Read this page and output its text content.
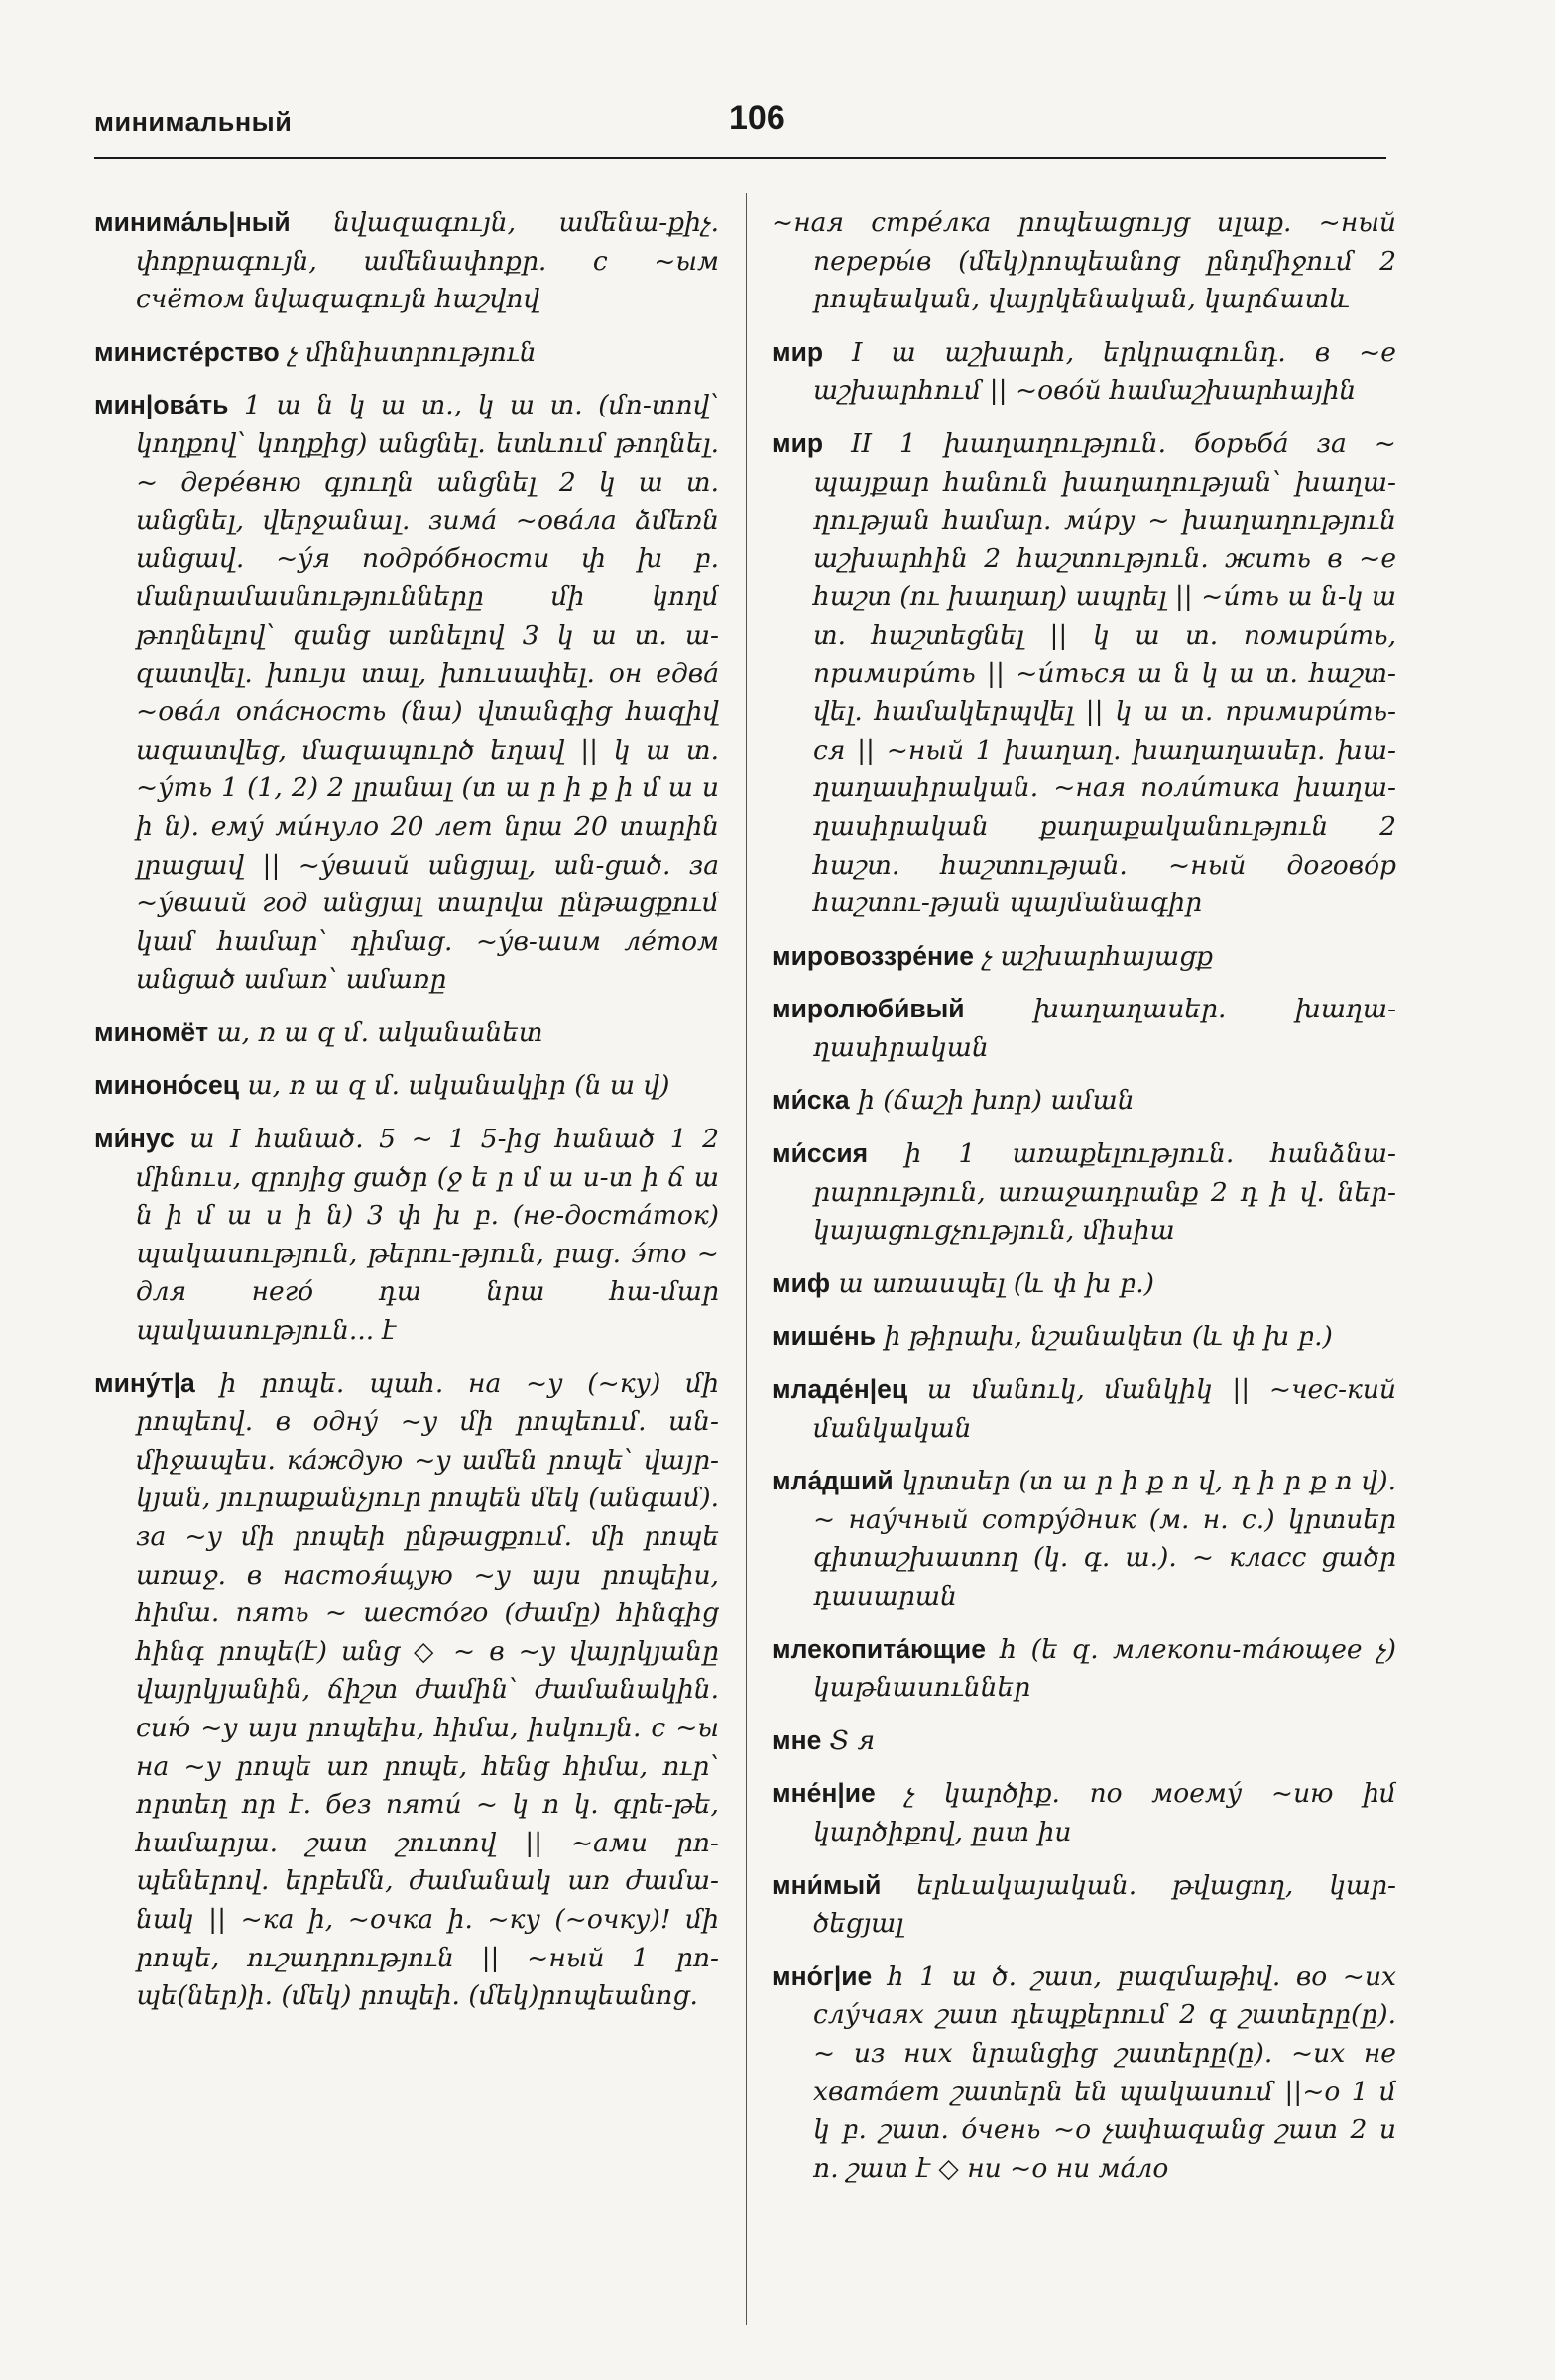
минимальный	106

минима́ль|ный նվազագույն, ամենա-քիչ. փոքրագույն, ամենափոքր. с ~ым счётом նվազագույն հաշվով

министе́рство չ մինիստրություն

мин|ова́ть 1 ա ն կ ա տ., կ ա տ. (մո-տով՝ կողքով՝ կողքից) անցնել. ետևում թողնել. ~ дере́вню գյուղն անցնել 2 կ ա տ. անցնել, վերջանալ. зима́ ~ова́ла ձմեռն անցավ. ~у́я подро́бности փ խ բ. մանրամասնությունները մի կողմ թողնելով՝ զանց առնելով 3 կ ա տ. ա-զատվել. խույս տալ, խուսափել. он едва́ ~ова́л опа́сность (նա) վտանգից հազիվ ազատվեց, մազապուրծ եղավ || կ ա տ. ~у́ть 1 (1, 2) 2 լրանալ (տ ա ր ի ք ի մ ա ս ի ն). ему́ ми́нуло 20 лет նրա 20 տարին լրացավ || ~у́вший անցյալ, ան-ցած. за ~у́вший год անցյալ տարվա ընթացքում կամ համար՝ դիմաց. ~у́в-шим ле́том անցած ամառ՝ ամառը

миномёт ա, ռ ա զ մ. ականանետ

миноно́сец ա, ռ ա զ մ. ականակիր (ն ա վ)

ми́нус ա I հանած. 5 ~ 1 5-ից հանած 1 2 մինուս, զրոյից ցածր (ջ ե ր մ ա ս-տ ի ճ ա ն ի մ ա ս ի ն) 3 փ խ բ. (не-доста́ток) պակասություն, թերու-թյուն, բաց. э́то ~ для него́ դա նրա հա-մար պակասություն... է

мину́т|а ի րոպե. պահ. на ~у (~ку) մի րոպեով. в одну́ ~у մի րոպեում. ան-միջապես. ка́ждую ~у ամեն րոպե՝ վայր-կյան, յուրաքանչյուր րոպեն մեկ (անգամ). за ~у մի րոպեի ընթացքում. մի րոպե առաջ. в настоя́щую ~у այս րոպեիս, հիմա. пять ~ шесто́го (ժամը) հինգից հինգ րոպե(է) անց ◇ ~ в ~у վայրկյանը վայրկյանին, ճիշտ ժամին՝ ժամանակին. сию́ ~у այս րոպեիս, հիմա, իսկույն. с ~ы на ~у րոպե առ րոպե, հենց հիմա, ուր՝ որտեղ որ է. без пяти́ ~ կ ո կ. գրե-թե, համարյա. շատ շուտով || ~ами րո-պեներով. երբեմն, ժամանակ առ ժամա-նակ || ~ка ի, ~очка ի. ~ку (~очку)! մի րոպե, ուշադրություն || ~ный 1 րո-պե(ներ)ի. (մեկ) րոպեի. (մեկ)րոպեանոց.

~ная стре́лка րոպեացույց սլաք. ~ный переры́в (մեկ)րոպեանոց ընդմիջում 2 րոպեական, վայրկենական, կարճատև

мир I ա աշխարհ, երկրագունդ. в ~е աշխարհում || ~ово́й համաշխարհային

мир II 1 խաղաղություն. борьба́ за ~ պայքար հանուն խաղաղության՝ խաղա-ղության համար. ми́ру ~ խաղաղություն աշխարհին 2 հաշտություն. жить в ~е հաշտ (ու խաղաղ) ապրել || ~и́ть ա ն-կ ա տ. հաշտեցնել || կ ա տ. помири́ть, примири́ть || ~и́ться ա ն կ ա տ. հաշտ-վել. համակերպվել || կ ա տ. примири́ть-ся || ~ный 1 խաղաղ. խաղաղասեր. խա-ղաղասիրական. ~ная поли́тика խաղա-ղասիրական քաղաքականություն 2 հաշտ. հաշտության. ~ный догово́р հաշտու-թյան պայմանագիր

мировоззре́ние չ աշխարհայացք

миролюби́вый խաղաղասեր. խաղա-ղասիրական

ми́ска ի (ճաշի խոր) աման

ми́ссия ի 1 առաքելություն. հանձնա-րարություն, առաջադրանք 2 դ ի վ. ներ-կայացուցչություն, միսիա

миф ա առասպել (և փ խ բ.)

мише́нь ի թիրախ, նշանակետ (և փ խ բ.)

младе́н|ец ա մանուկ, մանկիկ || ~чес-кий մանկական

мла́дший կրտսեր (տ ա ր ի ք ո վ, դ ի ր ք ո վ). ~ нау́чный сотру́дник (м. н. с.) կրտսեր գիտաշխատող (կ. գ. ա.). ~ класс ցածր դասարան

млекопита́ющие հ (ե զ. млекопи-та́ющее չ) կաթնասուններ

мне Տ я

мне́н|ие չ կարծիք. по моему́ ~ию իմ կարծիքով, ըստ իս

мни́мый երևակայական. թվացող, կար-ծեցյալ

мно́г|ие հ 1 ա ծ. շատ, բազմաթիվ. во ~их слу́чаях շատ դեպքերում 2 գ շատերը(ը). ~ из них նրանցից շատերը(ը). ~их не хвата́ет շատերն են պակասում ||~о 1 մ կ բ. շատ. о́чень ~о չափազանց շատ 2 ս ո. շատ է ◇ ни ~о ни ма́ло
